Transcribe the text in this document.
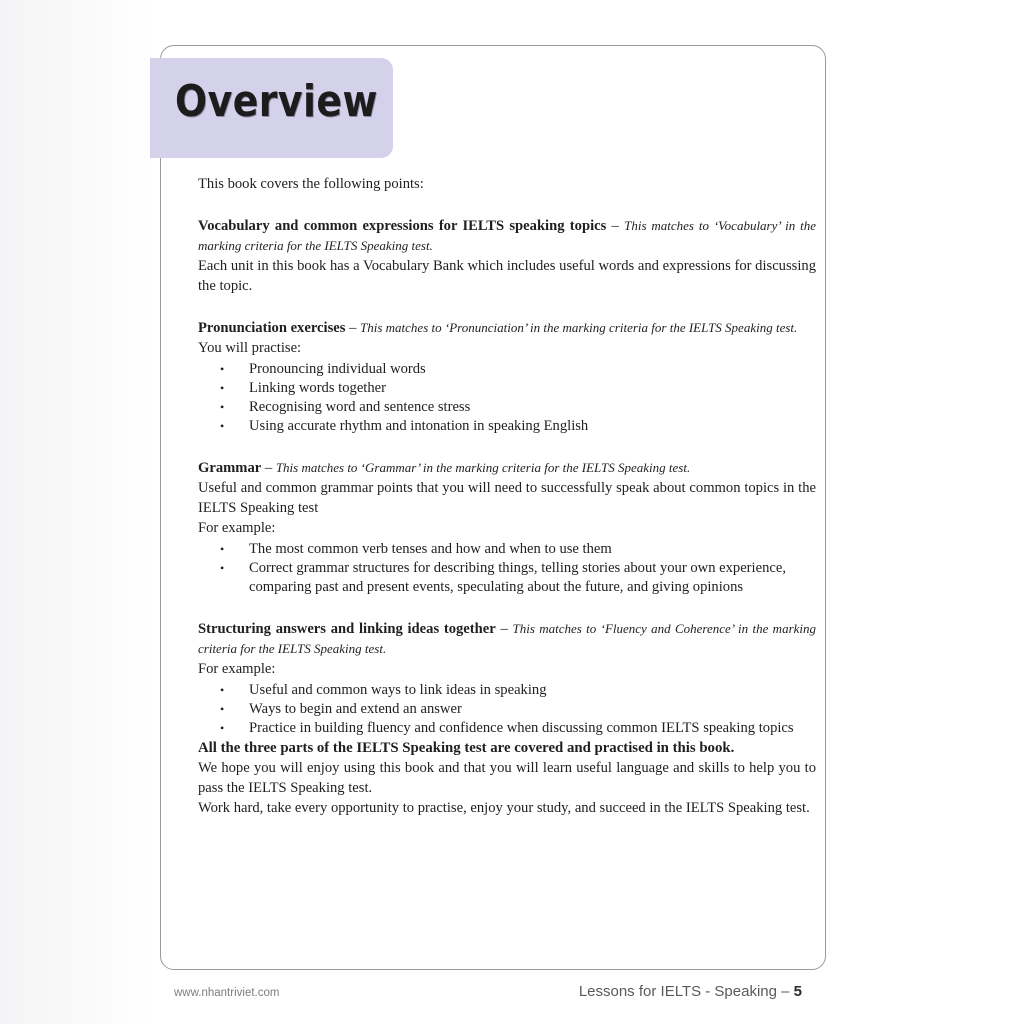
Overview

This book covers the following points:

Vocabulary and common expressions for IELTS speaking topics – This matches to ‘Vocabulary’ in the marking criteria for the IELTS Speaking test.

Each unit in this book has a Vocabulary Bank which includes useful words and expressions for discussing the topic.

Pronunciation exercises – This matches to ‘Pronunciation’ in the marking criteria for the IELTS Speaking test.

You will practise:

• Pronouncing individual words
• Linking words together
• Recognising word and sentence stress
• Using accurate rhythm and intonation in speaking English

Grammar – This matches to ‘Grammar’ in the marking criteria for the IELTS Speaking test.

Useful and common grammar points that you will need to successfully speak about common topics in the IELTS Speaking test

For example:

• The most common verb tenses and how and when to use them
• Correct grammar structures for describing things, telling stories about your own experience, comparing past and present events, speculating about the future, and giving opinions

Structuring answers and linking ideas together – This matches to ‘Fluency and Coherence’ in the marking criteria for the IELTS Speaking test.

For example:

• Useful and common ways to link ideas in speaking
• Ways to begin and extend an answer
• Practice in building fluency and confidence when discussing common IELTS speaking topics

All the three parts of the IELTS Speaking test are covered and practised in this book.

We hope you will enjoy using this book and that you will learn useful language and skills to help you to pass the IELTS Speaking test.

Work hard, take every opportunity to practise, enjoy your study, and succeed in the IELTS Speaking test.

www.nhantriviet.com	Lessons for IELTS - Speaking – 5
